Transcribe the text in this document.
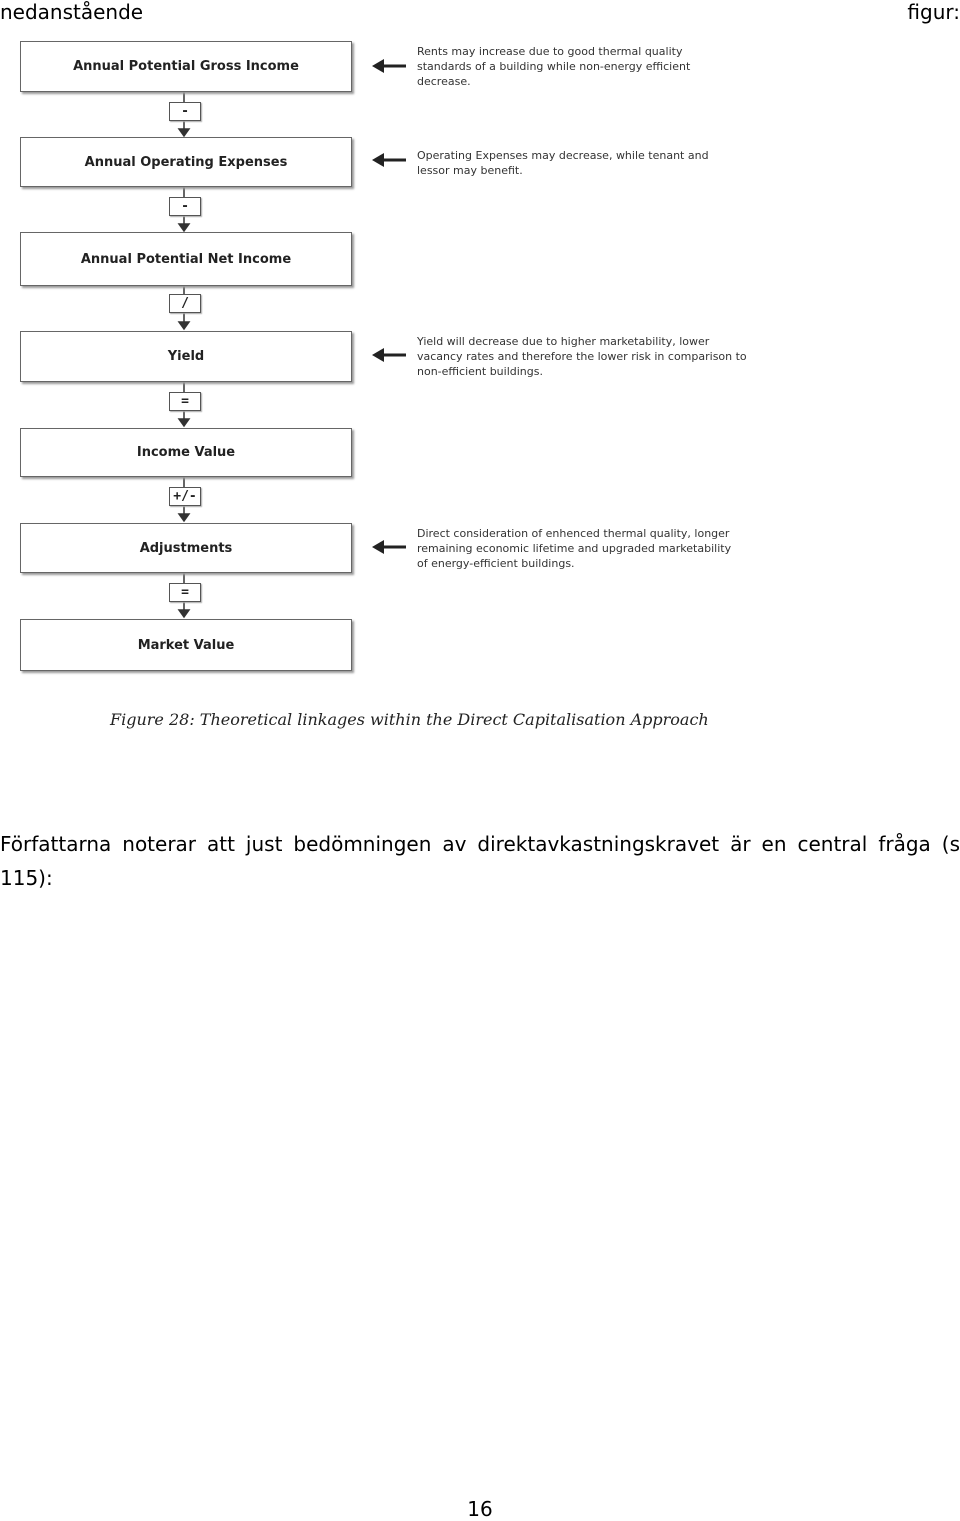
nedanstående	figur:
Annual Potential Gross Income
-
Annual Operating Expenses
-
Annual Potential Net Income
/
Yield
=
Income Value
+/-
Adjustments
=
Market Value
Rents may increase due to good thermal quality standards of a building while non-energy efficient decrease.
Operating Expenses may decrease, while tenant and lessor may benefit.
Yield will decrease due to higher marketability, lower vacancy rates and therefore the lower risk in comparison to non-efficient buildings.
Direct consideration of enhenced thermal quality, longer remaining economic lifetime and upgraded marketability of energy-efficient buildings.
Figure 28: Theoretical linkages within the Direct Capitalisation Approach
Författarna noterar att just bedömningen av direktavkastningskravet är en central fråga (s 115):
16
